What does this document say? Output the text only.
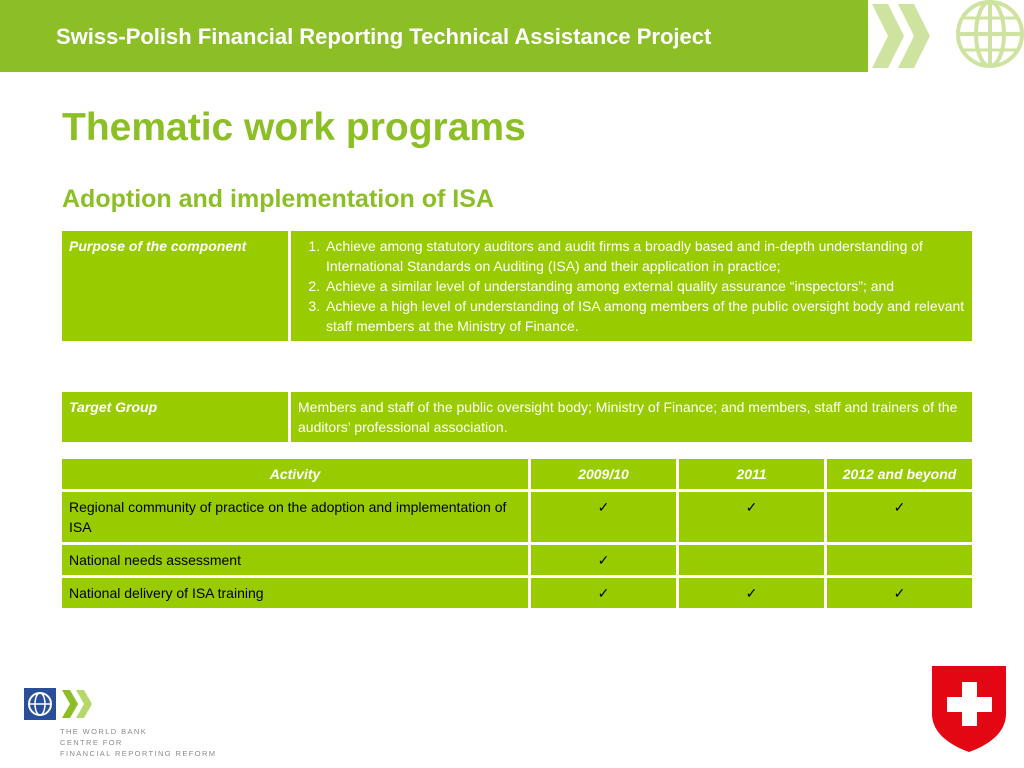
Swiss-Polish Financial Reporting Technical Assistance Project
Thematic work programs
Adoption and implementation of ISA
Purpose of the component	
1.Achieve among statutory auditors and audit firms a broadly based and in-depth understanding of International Standards on Auditing (ISA) and their application in practice;
2. Achieve a similar level of understanding among external quality assurance “inspectors”; and
3. Achieve a high level of understanding of ISA among members of the public oversight body and relevant staff members at the Ministry of Finance.
Target Group	Members and staff of the public oversight body; Ministry of Finance; and members, staff and trainers of the auditors’ professional association.
Activity	2009/10	2011	2012 and beyond
Regional community of practice on the adoption and implementation of ISA	✓	✓	✓
National needs assessment	✓		
National delivery of ISA training	✓	✓	✓
THE WORLD BANK
CENTRE FOR
FINANCIAL REPORTING REFORM
